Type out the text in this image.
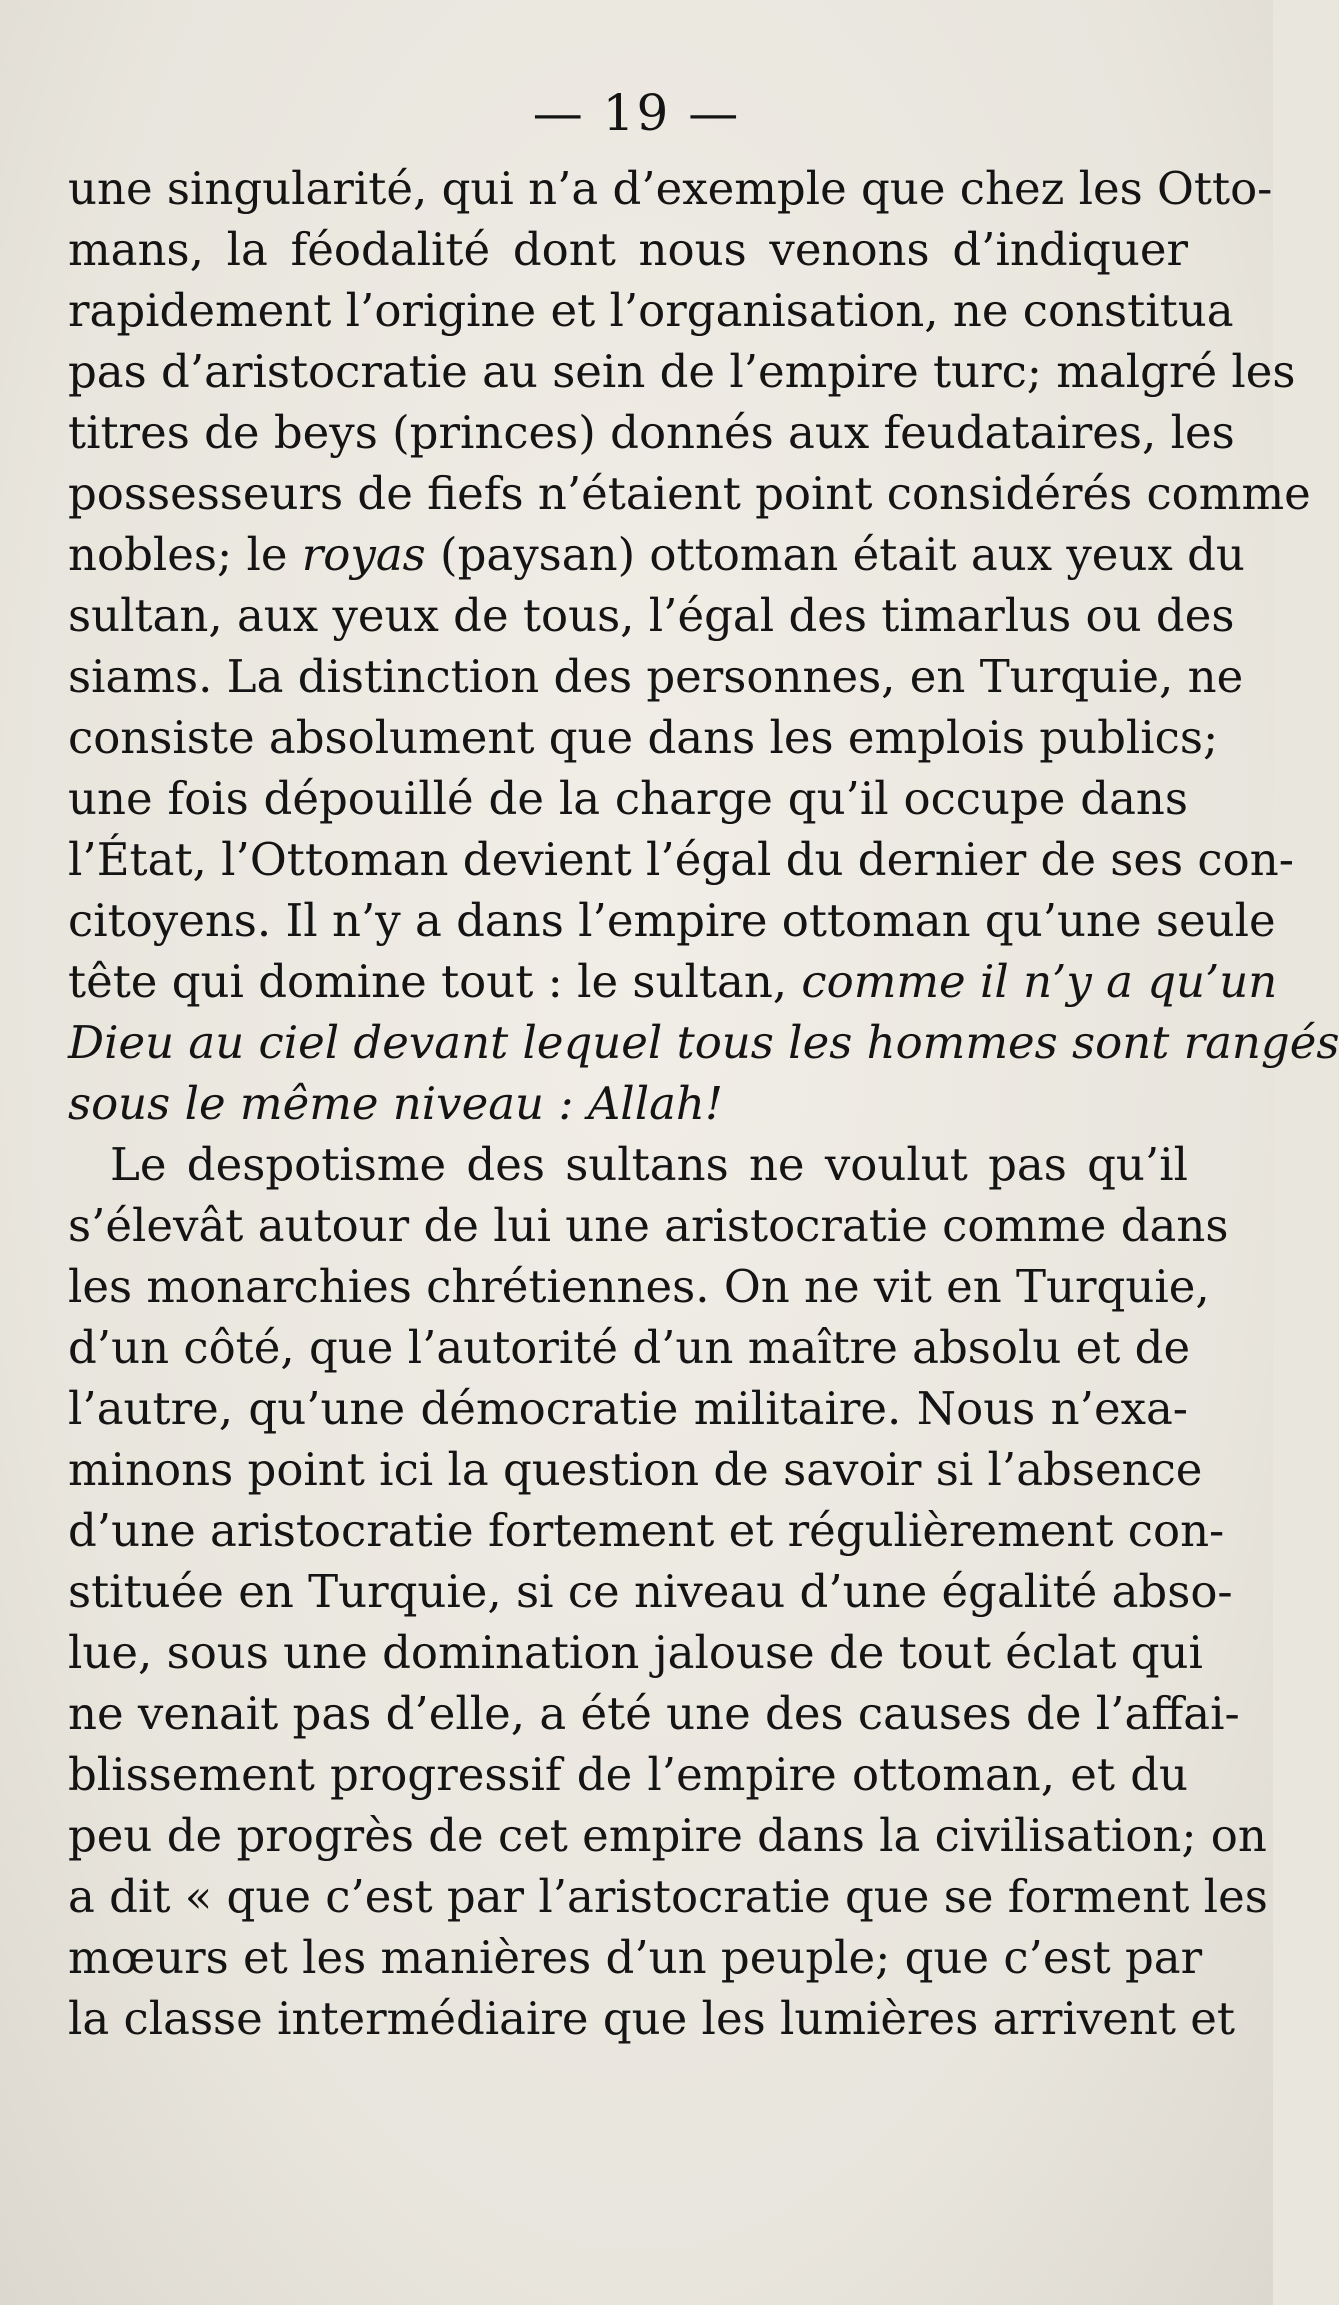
— 19 —
une singularité, qui n’a d’exemple que chez les Otto-
mans, la féodalité dont nous venons d’indiquer
rapidement l’origine et l’organisation, ne constitua
pas d’aristocratie au sein de l’empire turc; malgré les
titres de beys (princes) donnés aux feudataires, les
possesseurs de fiefs n’étaient point considérés comme
nobles; le royas (paysan) ottoman était aux yeux du
sultan, aux yeux de tous, l’égal des timarlus ou des
siams. La distinction des personnes, en Turquie, ne
consiste absolument que dans les emplois publics;
une fois dépouillé de la charge qu’il occupe dans
l’État, l’Ottoman devient l’égal du dernier de ses con-
citoyens. Il n’y a dans l’empire ottoman qu’une seule
tête qui domine tout : le sultan, comme il n’y a qu’un
Dieu au ciel devant lequel tous les hommes sont rangés
sous le même niveau : Allah!
Le despotisme des sultans ne voulut pas qu’il
s’élevât autour de lui une aristocratie comme dans
les monarchies chrétiennes. On ne vit en Turquie,
d’un côté, que l’autorité d’un maître absolu et de
l’autre, qu’une démocratie militaire. Nous n’exa-
minons point ici la question de savoir si l’absence
d’une aristocratie fortement et régulièrement con-
stituée en Turquie, si ce niveau d’une égalité abso-
lue, sous une domination jalouse de tout éclat qui
ne venait pas d’elle, a été une des causes de l’affai-
blissement progressif de l’empire ottoman, et du
peu de progrès de cet empire dans la civilisation; on
a dit « que c’est par l’aristocratie que se forment les
mœurs et les manières d’un peuple; que c’est par
la classe intermédiaire que les lumières arrivent et
